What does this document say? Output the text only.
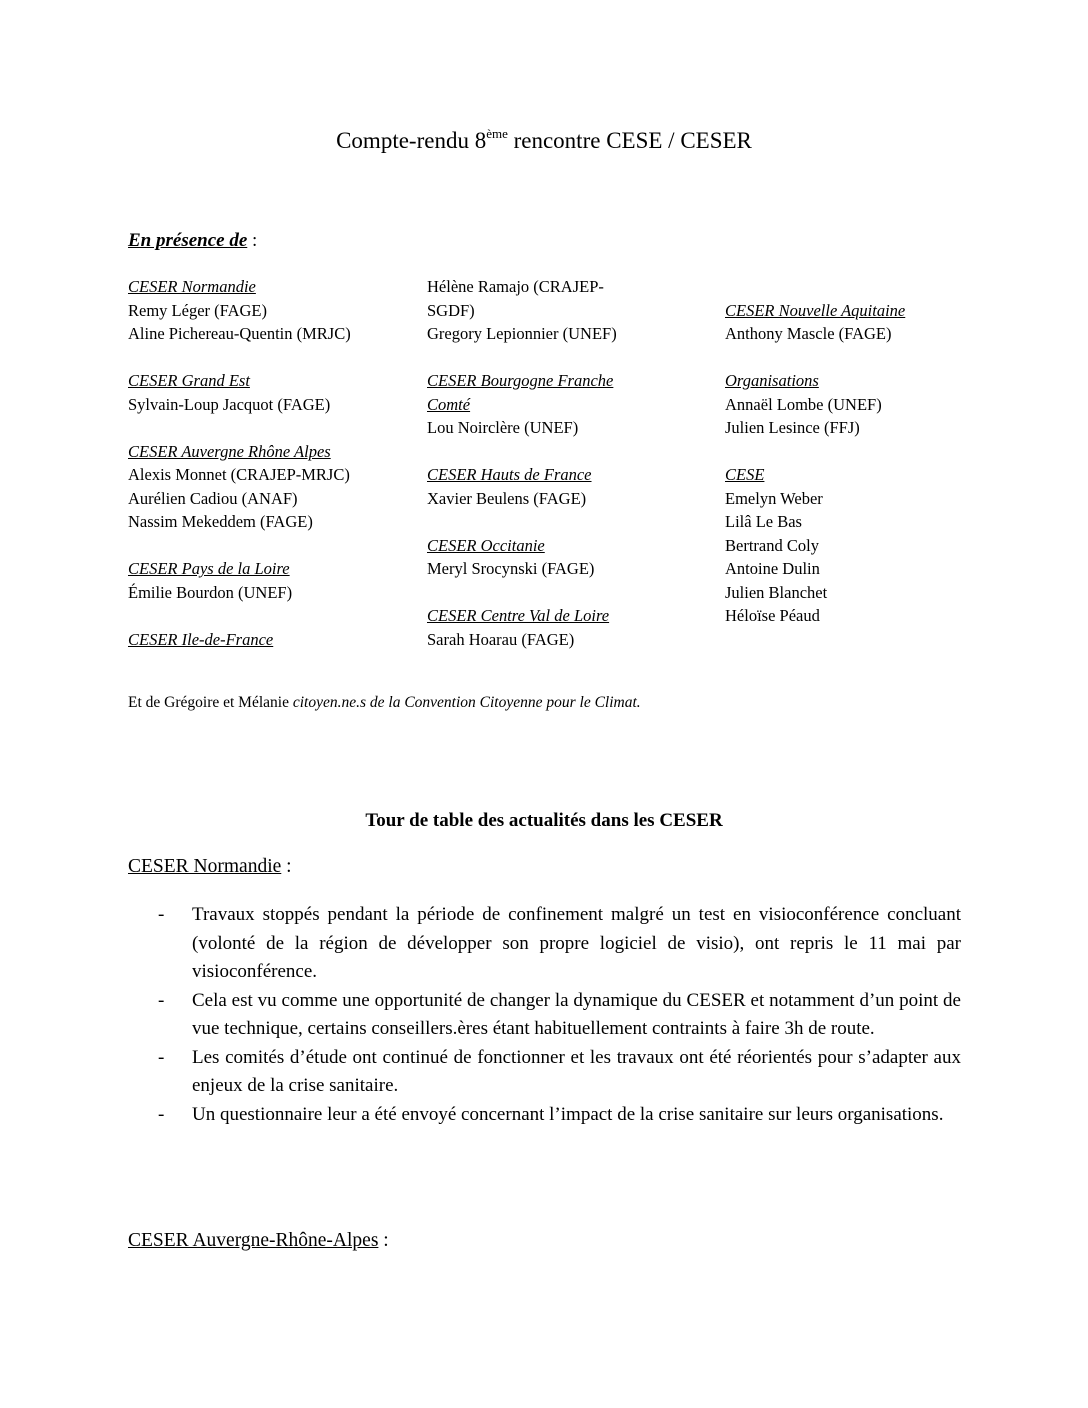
Compte-rendu 8ème rencontre CESE / CESER
En présence de :
CESER Normandie
Remy Léger (FAGE)
Aline Pichereau-Quentin (MRJC)
CESER Grand Est
Sylvain-Loup Jacquot (FAGE)
CESER Auvergne Rhône Alpes
Alexis Monnet (CRAJEP-MRJC)
Aurélien Cadiou (ANAF)
Nassim Mekeddem (FAGE)
CESER Pays de la Loire
Émilie Bourdon (UNEF)
CESER Ile-de-France
Hélène Ramajo (CRAJEP-
SGDF)
Gregory Lepionnier (UNEF)
CESER Bourgogne Franche
Comté
Lou Noirclère (UNEF)
CESER Hauts de France
Xavier Beulens (FAGE)
CESER Occitanie
Meryl Srocynski (FAGE)
CESER Centre Val de Loire
Sarah Hoarau (FAGE)
CESER Nouvelle Aquitaine
Anthony Mascle (FAGE)
Organisations
Annaël Lombe (UNEF)
Julien Lesince (FFJ)
CESE
Emelyn Weber
Lilâ Le Bas
Bertrand Coly
Antoine Dulin
Julien Blanchet
Héloïse Péaud
Et de Grégoire et Mélanie citoyen.ne.s de la Convention Citoyenne pour le Climat.
Tour de table des actualités dans les CESER
CESER Normandie :
- Travaux stoppés pendant la période de confinement malgré un test en visioconférence concluant (volonté de la région de développer son propre logiciel de visio), ont repris le 11 mai par visioconférence.
- Cela est vu comme une opportunité de changer la dynamique du CESER et notamment d’un point de vue technique, certains conseillers.ères étant habituellement contraints à faire 3h de route.
- Les comités d’étude ont continué de fonctionner et les travaux ont été réorientés pour s’adapter aux enjeux de la crise sanitaire.
- Un questionnaire leur a été envoyé concernant l’impact de la crise sanitaire sur leurs organisations.
CESER Auvergne-Rhône-Alpes :
